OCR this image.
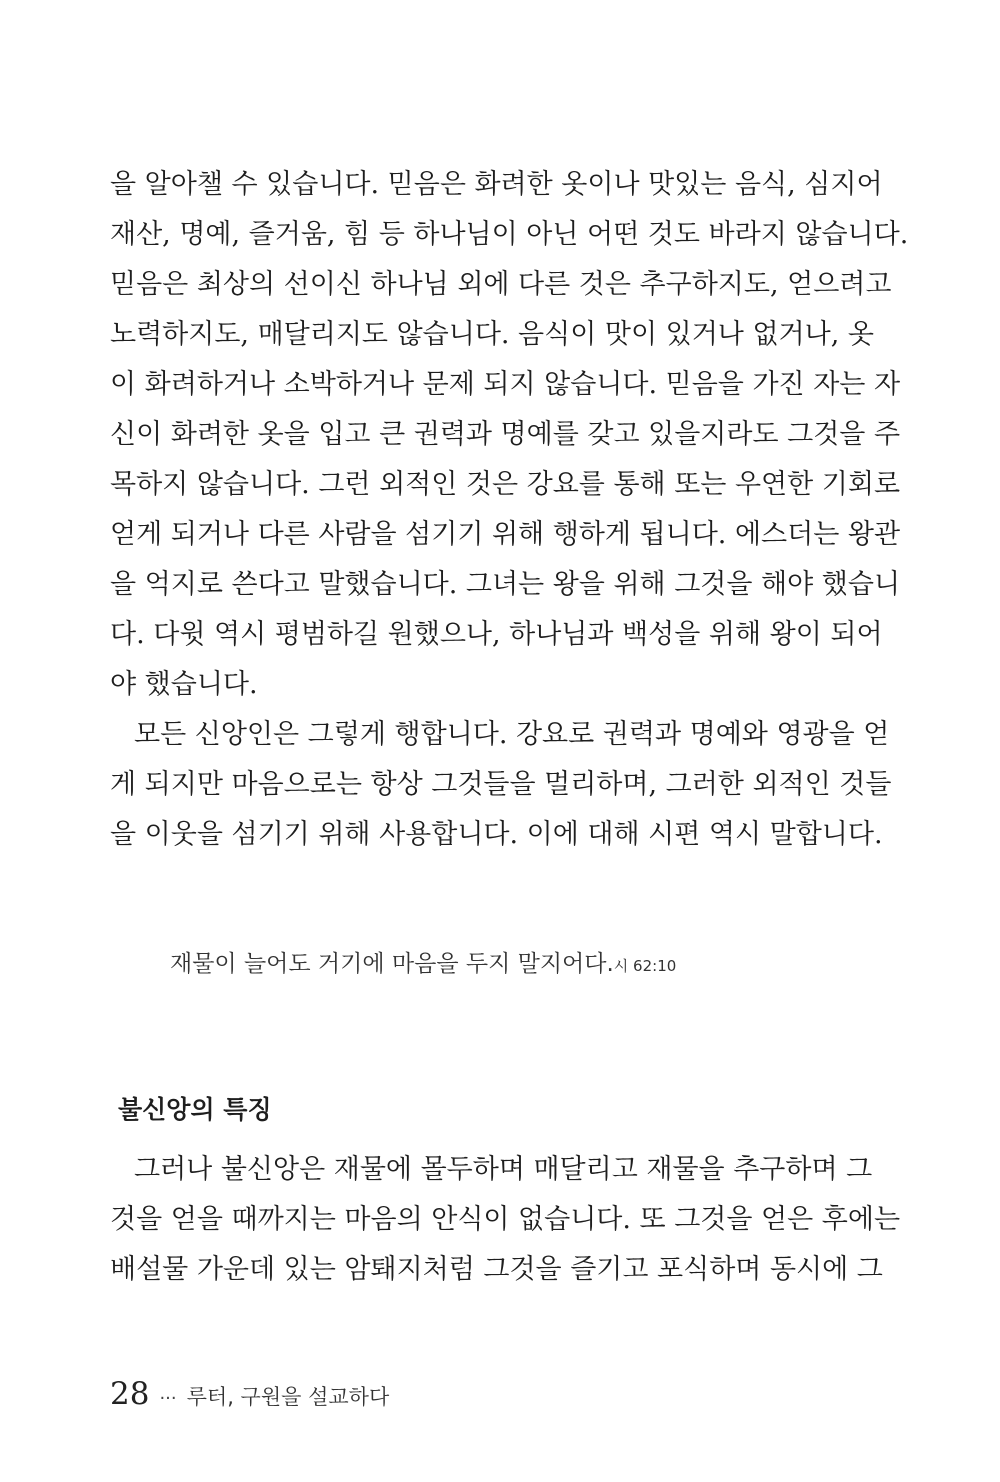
을 알아챌 수 있습니다. 믿음은 화려한 옷이나 맛있는 음식, 심지어
재산, 명예, 즐거움, 힘 등 하나님이 아닌 어떤 것도 바라지 않습니다.
믿음은 최상의 선이신 하나님 외에 다른 것은 추구하지도, 얻으려고
노력하지도, 매달리지도 않습니다. 음식이 맛이 있거나 없거나, 옷
이 화려하거나 소박하거나 문제 되지 않습니다. 믿음을 가진 자는 자
신이 화려한 옷을 입고 큰 권력과 명예를 갖고 있을지라도 그것을 주
목하지 않습니다. 그런 외적인 것은 강요를 통해 또는 우연한 기회로
얻게 되거나 다른 사람을 섬기기 위해 행하게 됩니다. 에스더는 왕관
을 억지로 쓴다고 말했습니다. 그녀는 왕을 위해 그것을 해야 했습니
다. 다윗 역시 평범하길 원했으나, 하나님과 백성을 위해 왕이 되어
야 했습니다.
모든 신앙인은 그렇게 행합니다. 강요로 권력과 명예와 영광을 얻
게 되지만 마음으로는 항상 그것들을 멀리하며, 그러한 외적인 것들
을 이웃을 섬기기 위해 사용합니다. 이에 대해 시편 역시 말합니다.
재물이 늘어도 거기에 마음을 두지 말지어다.시 62:10
불신앙의 특징
그러나 불신앙은 재물에 몰두하며 매달리고 재물을 추구하며 그
것을 얻을 때까지는 마음의 안식이 없습니다. 또 그것을 얻은 후에는
배설물 가운데 있는 암퇘지처럼 그것을 즐기고 포식하며 동시에 그
28 ··· 루터, 구원을 설교하다
